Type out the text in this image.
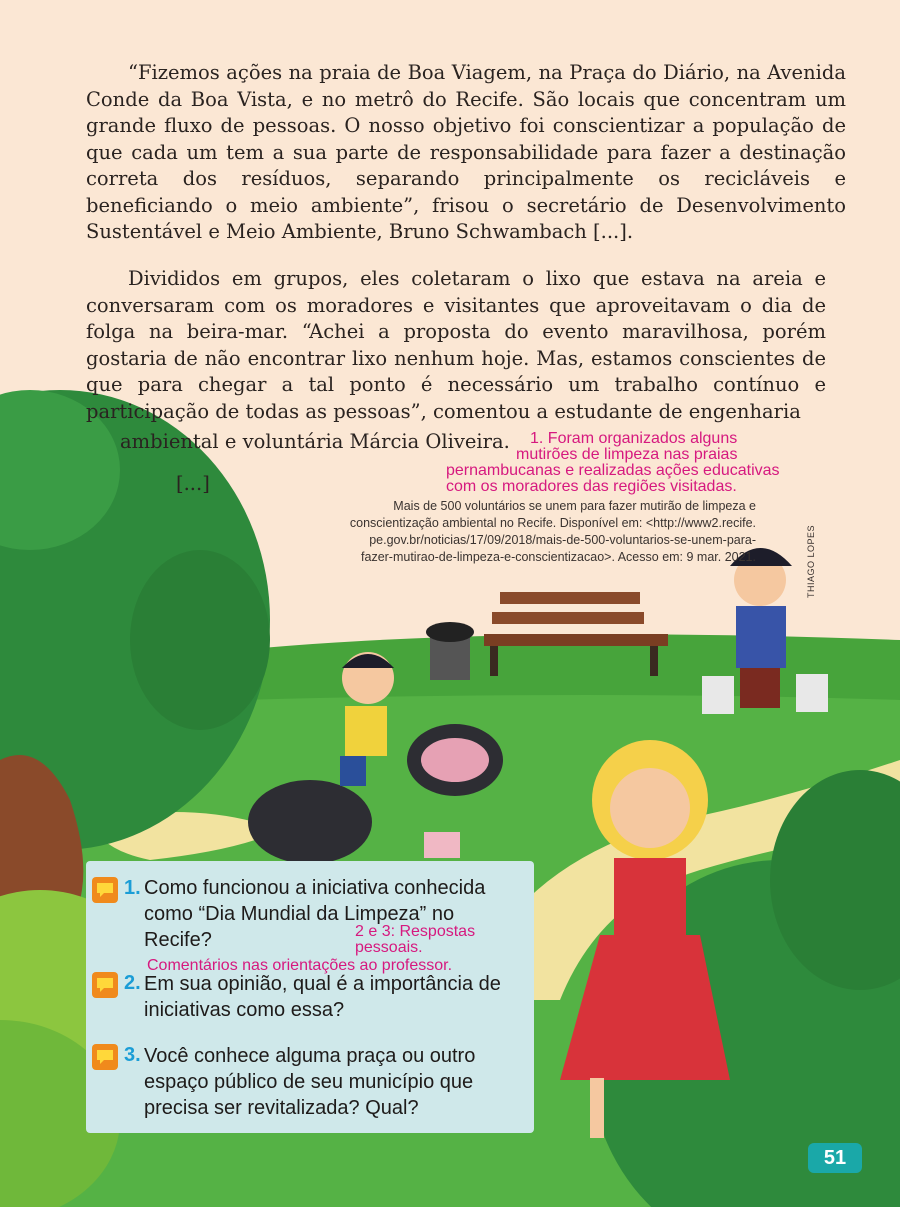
“Fizemos ações na praia de Boa Viagem, na Praça do Diário, na Avenida Conde da Boa Vista, e no metrô do Recife. São locais que concentram um grande fluxo de pessoas. O nosso objetivo foi conscientizar a população de que cada um tem a sua parte de responsabilidade para fazer a destinação correta dos resíduos, separando principalmente os recicláveis e beneficiando o meio ambiente”, frisou o secretário de Desenvolvimento Sustentável e Meio Ambiente, Bruno Schwambach [...].

Divididos em grupos, eles coletaram o lixo que estava na areia e conversaram com os moradores e visitantes que aproveitavam o dia de folga na beira-mar. “Achei a proposta do evento maravilhosa, porém gostaria de não encontrar lixo nenhum hoje. Mas, estamos conscientes de que para chegar a tal ponto é necessário um trabalho contínuo e participação de todas as pessoas”, comentou a estudante de engenharia

ambiental e voluntária Márcia Oliveira.
[...]
1. Foram organizados alguns
mutirões de limpeza nas praias
pernambucanas e realizadas ações educativas
com os moradores das regiões visitadas.
Mais de 500 voluntários se unem para fazer mutirão de limpeza e
conscientização ambiental no Recife. Disponível em: <http://www2.recife.
pe.gov.br/noticias/17/09/2018/mais-de-500-voluntarios-se-unem-para-
fazer-mutirao-de-limpeza-e-conscientizacao>. Acesso em: 9 mar. 2021.	THIAGO LOPES
1. Como funcionou a iniciativa conhecida como “Dia Mundial da Limpeza” no Recife?
2. Em sua opinião, qual é a importância de iniciativas como essa?
3. Você conhece alguma praça ou outro espaço público de seu município que precisa ser revitalizada? Qual?
2 e 3: Respostas
pessoais.
Comentários nas orientações ao professor.
51
